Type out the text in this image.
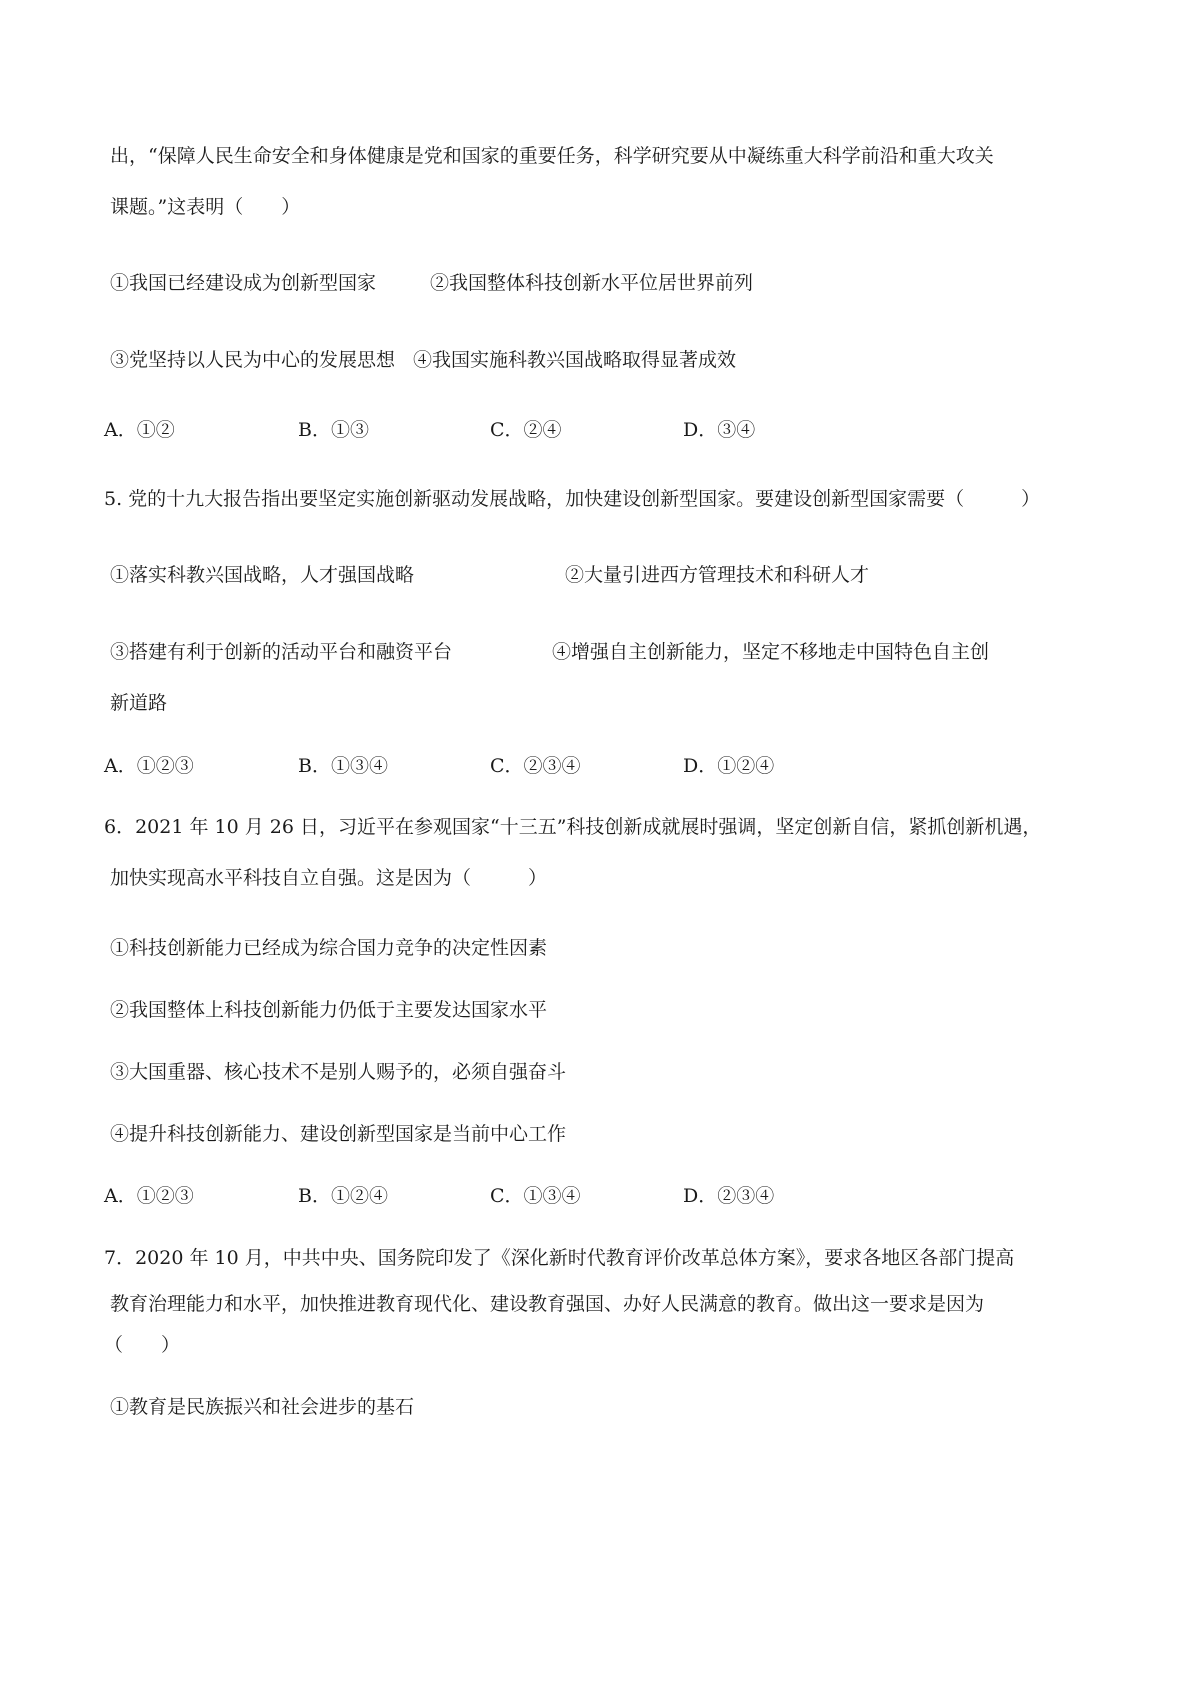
出，“保障人民生命安全和身体健康是党和国家的重要任务，科学研究要从中凝练重大科学前沿和重大攻关
课题。”这表明（　　）
①我国已经建设成为创新型国家	②我国整体科技创新水平位居世界前列
③党坚持以人民为中心的发展思想 ④我国实施科教兴国战略取得显著成效
A．①②	B．①③	C．②④	D．③④
5. 党的十九大报告指出要坚定实施创新驱动发展战略，加快建设创新型国家。要建设创新型国家需要（　　　）
①落实科教兴国战略，人才强国战略	②大量引进西方管理技术和科研人才
③搭建有利于创新的活动平台和融资平台	④增强自主创新能力，坚定不移地走中国特色自主创
新道路
A．①②③	B．①③④	C．②③④	D．①②④
6．2021 年 10 月 26 日，习近平在参观国家“十三五”科技创新成就展时强调，坚定创新自信，紧抓创新机遇，
加快实现高水平科技自立自强。这是因为（　　　）
①科技创新能力已经成为综合国力竞争的决定性因素
②我国整体上科技创新能力仍低于主要发达国家水平
③大国重器、核心技术不是别人赐予的，必须自强奋斗
④提升科技创新能力、建设创新型国家是当前中心工作
A．①②③	B．①②④	C．①③④	D．②③④
7．2020 年 10 月，中共中央、国务院印发了《深化新时代教育评价改革总体方案》，要求各地区各部门提高
教育治理能力和水平，加快推进教育现代化、建设教育强国、办好人民满意的教育。做出这一要求是因为
（　　）
①教育是民族振兴和社会进步的基石
